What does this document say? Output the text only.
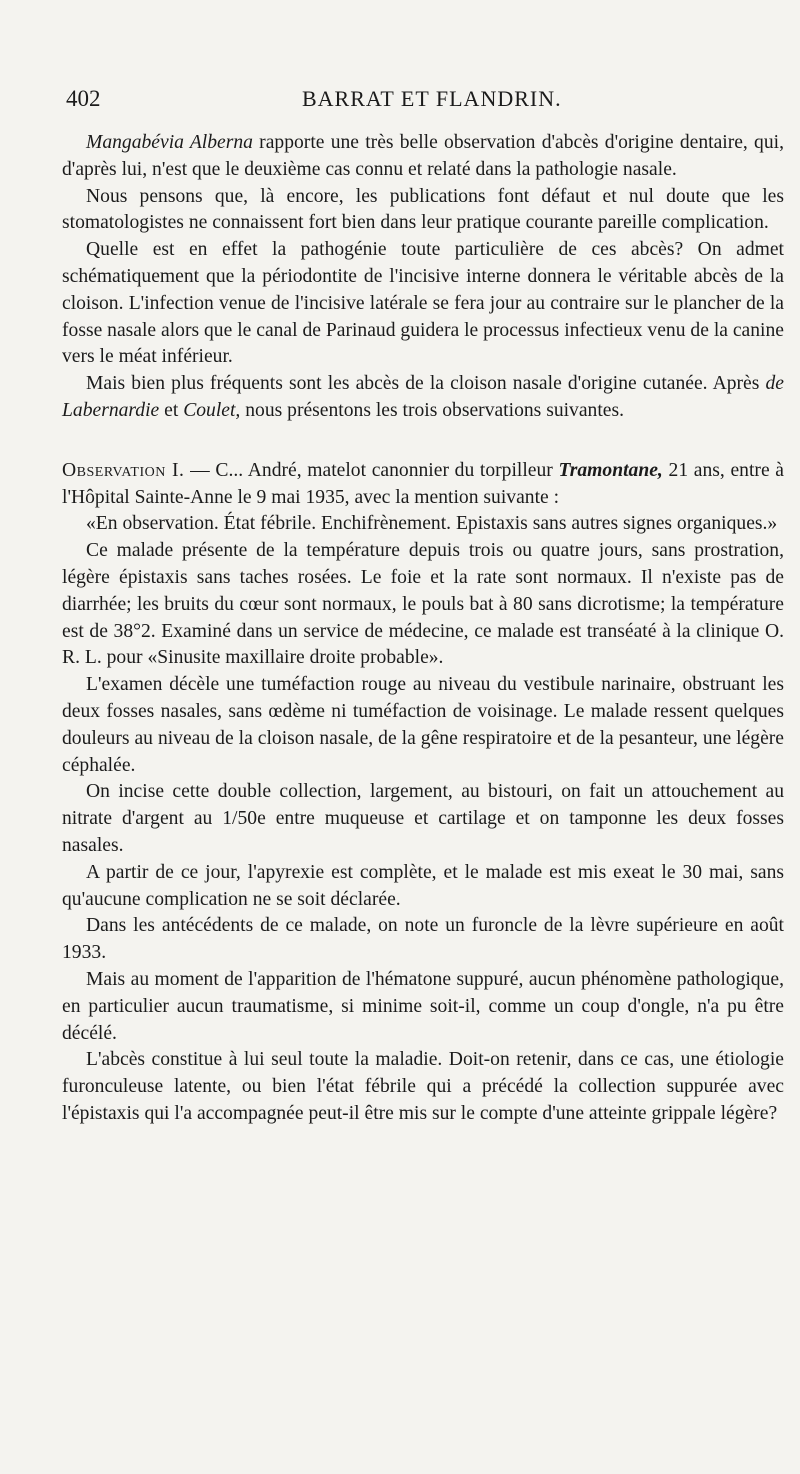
402	BARRAT ET FLANDRIN.

Mangabévia Alberna rapporte une très belle observation d'abcès d'origine dentaire, qui, d'après lui, n'est que le deuxième cas connu et relaté dans la pathologie nasale.

Nous pensons que, là encore, les publications font défaut et nul doute que les stomatologistes ne connaissent fort bien dans leur pratique courante pareille complication.

Quelle est en effet la pathogénie toute particulière de ces abcès? On admet schématiquement que la périodontite de l'incisive interne donnera le véritable abcès de la cloison. L'infection venue de l'incisive latérale se fera jour au contraire sur le plancher de la fosse nasale alors que le canal de Parinaud guidera le processus infectieux venu de la canine vers le méat inférieur.

Mais bien plus fréquents sont les abcès de la cloison nasale d'origine cutanée. Après de Labernardie et Coulet, nous présentons les trois observations suivantes.

Observation I. — C... André, matelot canonnier du torpilleur Tramontane, 21 ans, entre à l'Hôpital Sainte-Anne le 9 mai 1935, avec la mention suivante :

«En observation. État fébrile. Enchifrènement. Epistaxis sans autres signes organiques.»

Ce malade présente de la température depuis trois ou quatre jours, sans prostration, légère épistaxis sans taches rosées. Le foie et la rate sont normaux. Il n'existe pas de diarrhée; les bruits du cœur sont normaux, le pouls bat à 80 sans dicrotisme; la température est de 38°2. Examiné dans un service de médecine, ce malade est transéaté à la clinique O. R. L. pour «Sinusite maxillaire droite probable».

L'examen décèle une tuméfaction rouge au niveau du vestibule narinaire, obstruant les deux fosses nasales, sans œdème ni tuméfaction de voisinage. Le malade ressent quelques douleurs au niveau de la cloison nasale, de la gêne respiratoire et de la pesanteur, une légère céphalée.

On incise cette double collection, largement, au bistouri, on fait un attouchement au nitrate d'argent au 1/50e entre muqueuse et cartilage et on tamponne les deux fosses nasales.

A partir de ce jour, l'apyrexie est complète, et le malade est mis exeat le 30 mai, sans qu'aucune complication ne se soit déclarée.

Dans les antécédents de ce malade, on note un furoncle de la lèvre supérieure en août 1933.

Mais au moment de l'apparition de l'hématone suppuré, aucun phénomène pathologique, en particulier aucun traumatisme, si minime soit-il, comme un coup d'ongle, n'a pu être décélé.

L'abcès constitue à lui seul toute la maladie. Doit-on retenir, dans ce cas, une étiologie furonculeuse latente, ou bien l'état fébrile qui a précédé la collection suppurée avec l'épistaxis qui l'a accompagnée peut-il être mis sur le compte d'une atteinte grippale légère?
